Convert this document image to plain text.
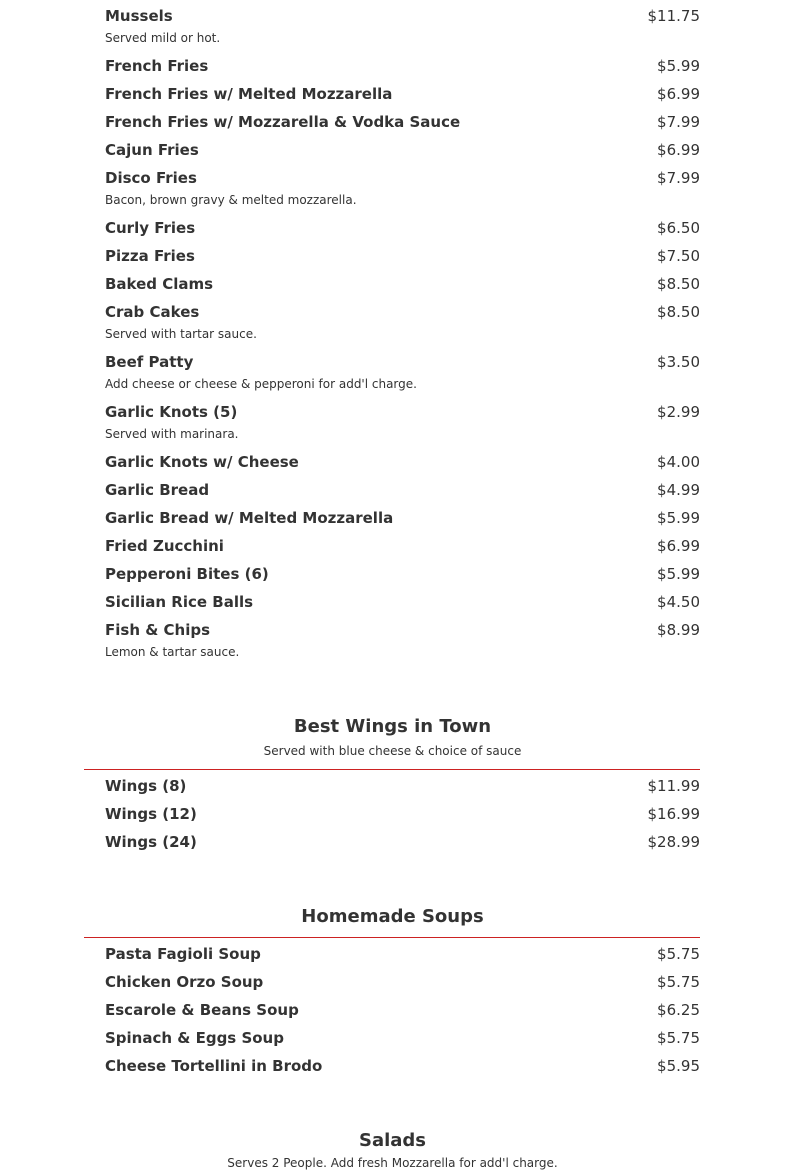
Mussels	$11.75
Served mild or hot.
French Fries	$5.99
French Fries w/ Melted Mozzarella	$6.99
French Fries w/ Mozzarella & Vodka Sauce	$7.99
Cajun Fries	$6.99
Disco Fries	$7.99
Bacon, brown gravy & melted mozzarella.
Curly Fries	$6.50
Pizza Fries	$7.50
Baked Clams	$8.50
Crab Cakes	$8.50
Served with tartar sauce.
Beef Patty	$3.50
Add cheese or cheese & pepperoni for add'l charge.
Garlic Knots (5)	$2.99
Served with marinara.
Garlic Knots w/ Cheese	$4.00
Garlic Bread	$4.99
Garlic Bread w/ Melted Mozzarella	$5.99
Fried Zucchini	$6.99
Pepperoni Bites (6)	$5.99
Sicilian Rice Balls	$4.50
Fish & Chips	$8.99
Lemon & tartar sauce.
Best Wings in Town
Served with blue cheese & choice of sauce
Wings (8)	$11.99
Wings (12)	$16.99
Wings (24)	$28.99
Homemade Soups
Pasta Fagioli Soup	$5.75
Chicken Orzo Soup	$5.75
Escarole & Beans Soup	$6.25
Spinach & Eggs Soup	$5.75
Cheese Tortellini in Brodo	$5.95
Salads
Serves 2 People. Add fresh Mozzarella for add'l charge.
